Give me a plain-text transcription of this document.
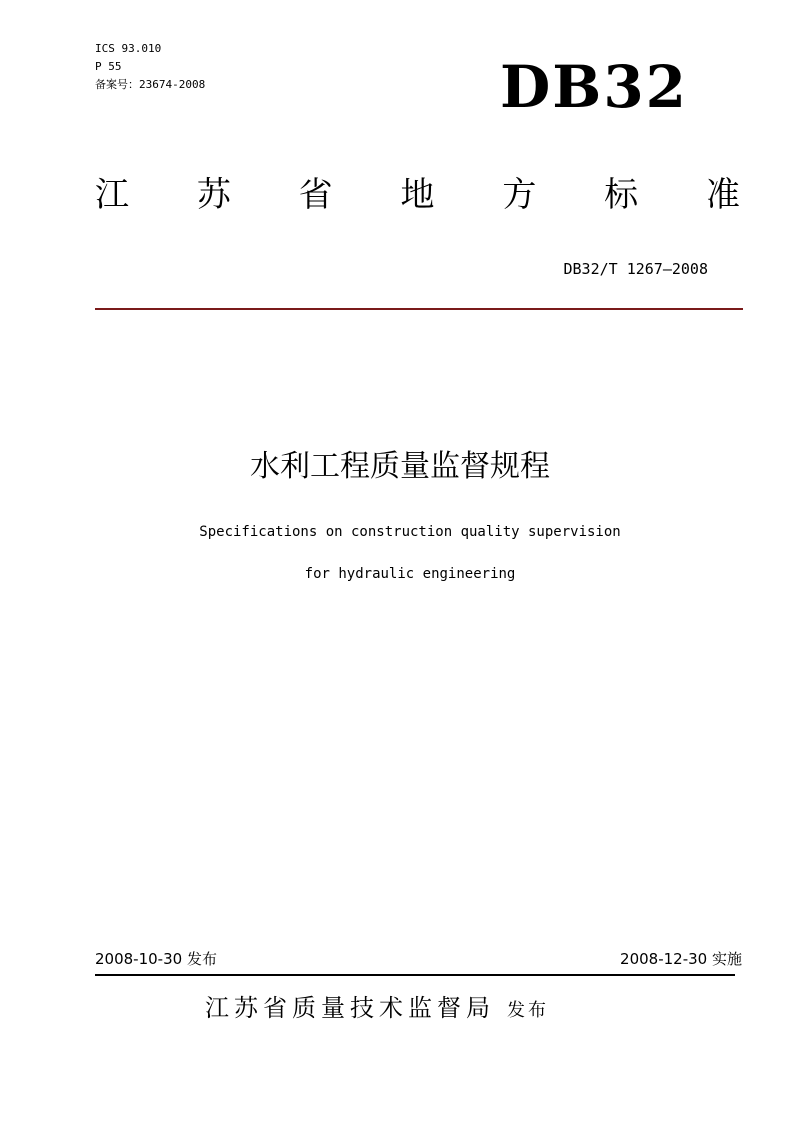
ICS 93.010
P 55
备案号：23674-2008	DB32
江 苏 省 地 方 标 准
DB32/T 1267—2008
水利工程质量监督规程
Specifications on construction quality supervision
for hydraulic engineering
2008-10-30 发布	2008-12-30 实施
江苏省质量技术监督局 发布
